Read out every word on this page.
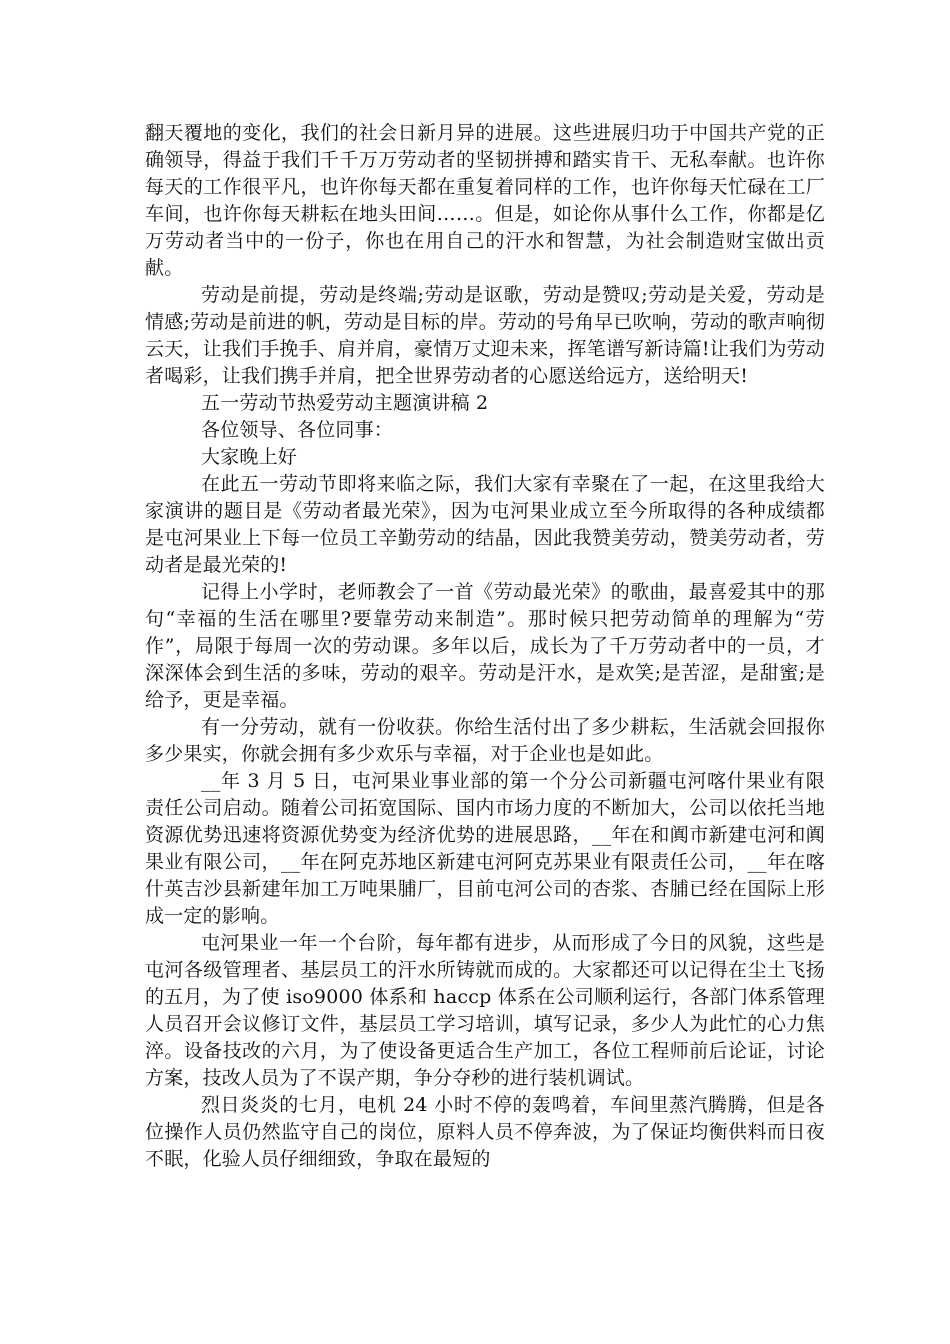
翻天覆地的变化，我们的社会日新月异的进展。这些进展归功于中国共产党的正确领导，得益于我们千千万万劳动者的坚韧拼搏和踏实肯干、无私奉献。也许你每天的工作很平凡，也许你每天都在重复着同样的工作，也许你每天忙碌在工厂车间，也许你每天耕耘在地头田间……。但是，如论你从事什么工作，你都是亿万劳动者当中的一份子，你也在用自己的汗水和智慧，为社会制造财宝做出贡献。

劳动是前提，劳动是终端;劳动是讴歌，劳动是赞叹;劳动是关爱，劳动是情感;劳动是前进的帆，劳动是目标的岸。劳动的号角早已吹响，劳动的歌声响彻云天，让我们手挽手、肩并肩，豪情万丈迎未来，挥笔谱写新诗篇!让我们为劳动者喝彩，让我们携手并肩，把全世界劳动者的心愿送给远方，送给明天!

五一劳动节热爱劳动主题演讲稿 2

各位领导、各位同事：

大家晚上好

在此五一劳动节即将来临之际，我们大家有幸聚在了一起，在这里我给大家演讲的题目是《劳动者最光荣》，因为屯河果业成立至今所取得的各种成绩都是屯河果业上下每一位员工辛勤劳动的结晶，因此我赞美劳动，赞美劳动者，劳动者是最光荣的!

记得上小学时，老师教会了一首《劳动最光荣》的歌曲，最喜爱其中的那句“幸福的生活在哪里?要靠劳动来制造”。那时候只把劳动简单的理解为“劳作”，局限于每周一次的劳动课。多年以后，成长为了千万劳动者中的一员，才深深体会到生活的多味，劳动的艰辛。劳动是汗水，是欢笑;是苦涩，是甜蜜;是给予，更是幸福。

有一分劳动，就有一份收获。你给生活付出了多少耕耘，生活就会回报你多少果实，你就会拥有多少欢乐与幸福，对于企业也是如此。

__年 3 月 5 日，屯河果业事业部的第一个分公司新疆屯河喀什果业有限责任公司启动。随着公司拓宽国际、国内市场力度的不断加大，公司以依托当地资源优势迅速将资源优势变为经济优势的进展思路，__年在和阗市新建屯河和阗果业有限公司，__年在阿克苏地区新建屯河阿克苏果业有限责任公司，__年在喀什英吉沙县新建年加工万吨果脯厂，目前屯河公司的杏浆、杏脯已经在国际上形成一定的影响。

屯河果业一年一个台阶，每年都有进步，从而形成了今日的风貌，这些是屯河各级管理者、基层员工的汗水所铸就而成的。大家都还可以记得在尘土飞扬的五月，为了使 iso9000 体系和 haccp 体系在公司顺利运行，各部门体系管理人员召开会议修订文件，基层员工学习培训，填写记录，多少人为此忙的心力焦淬。设备技改的六月，为了使设备更适合生产加工，各位工程师前后论证，讨论方案，技改人员为了不误产期，争分夺秒的进行装机调试。

烈日炎炎的七月，电机 24 小时不停的轰鸣着，车间里蒸汽腾腾，但是各位操作人员仍然监守自己的岗位，原料人员不停奔波，为了保证均衡供料而日夜不眠，化验人员仔细细致，争取在最短的
